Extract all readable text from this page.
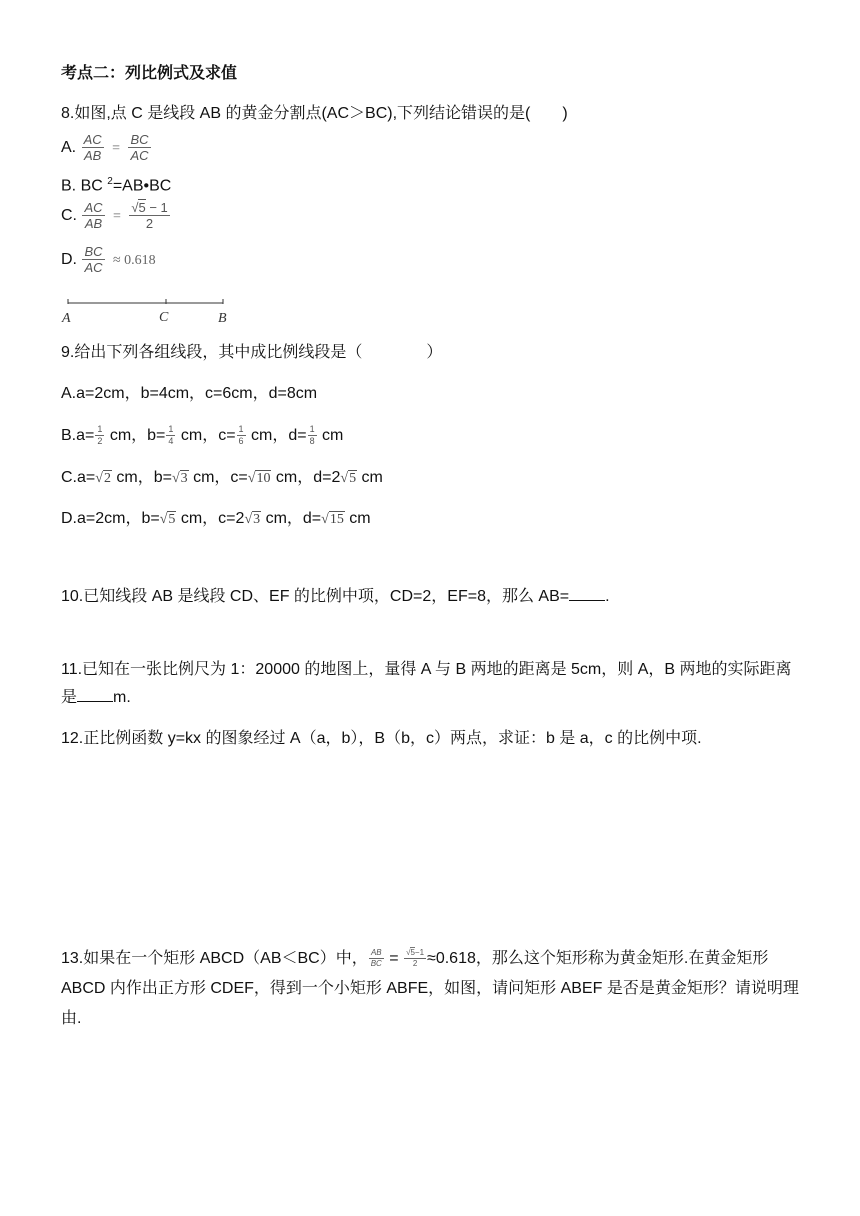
考点二：列比例式及求值
8.如图,点 C 是线段 AB 的黄金分割点(AC＞BC),下列结论错误的是(　　)
A. $\frac{AC}{AB} = \frac{BC}{AC}$
B. BC $^2$=AB•BC
C. $\frac{AC}{AB} = \frac{√5 - 1}{2}$
D. $\frac{BC}{AC} \approx 0.618$
A	C	B
9.给出下列各组线段，其中成比例线段是（　　　　）
A.a=2cm，b=4cm，c=6cm，d=8cm
$B.a= \frac{1}{2}$ cm，$b= \frac{1}{4}$ cm，$c= \frac{1}{6}$ cm，$d= \frac{1}{8}$ cm
C.a=√2 cm，b=√3 cm，c=√10 cm，d=2√5 cm
D.a=2cm，b=√5 cm，c=2√3 cm，d=√15 cm
10.已知线段 AB 是线段 CD、EF 的比例中项，CD=2，EF=8，那么 AB= .
11.已知在一张比例尺为 1：20000 的地图上，量得 A 与 B 两地的距离是 5cm，则 A，B 两地的实际距离是 m.
12.正比例函数 y=kx 的图象经过 A（a，b），B（b，c）两点，求证：b 是 a，c 的比例中项.
13.如果在一个矩形 ABCD（AB＜BC）中， $\frac{AB}{BC} = \frac{√5-1}{2} \approx 0.618$，那么这个矩形称为黄金矩形.在黄金矩形 ABCD 内作出正方形 CDEF，得到一个小矩形 ABFE，如图，请问矩形 ABEF 是否是黄金矩形？请说明理由.
